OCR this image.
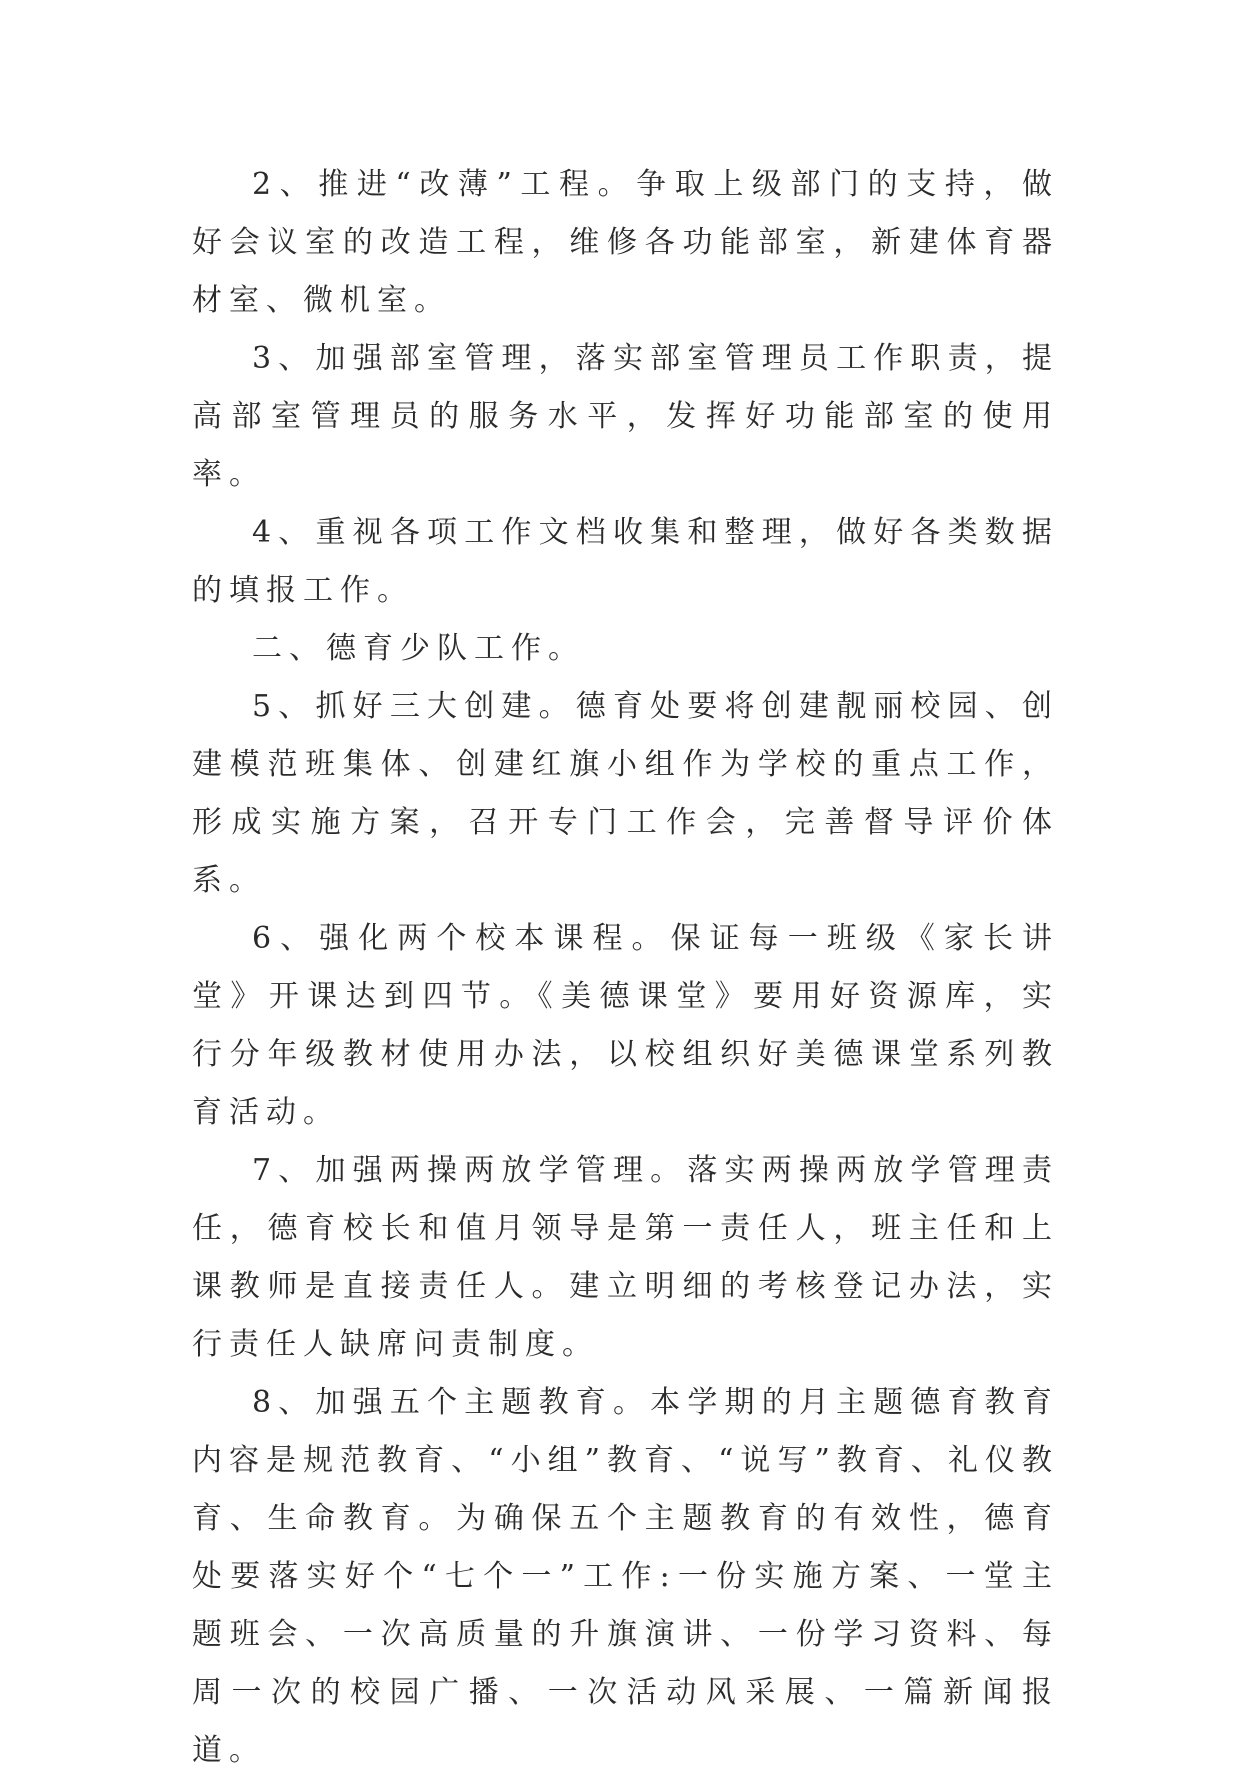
2、推进“改薄”工程。争取上级部门的支持，做好会议室的改造工程，维修各功能部室，新建体育器材室、微机室。

3、加强部室管理，落实部室管理员工作职责，提高部室管理员的服务水平，发挥好功能部室的使用率。

4、重视各项工作文档收集和整理，做好各类数据的填报工作。

二、德育少队工作。

5、抓好三大创建。德育处要将创建靓丽校园、创建模范班集体、创建红旗小组作为学校的重点工作，形成实施方案，召开专门工作会，完善督导评价体系。

6、强化两个校本课程。保证每一班级《家长讲堂》开课达到四节。《美德课堂》要用好资源库，实行分年级教材使用办法，以校组织好美德课堂系列教育活动。

7、加强两操两放学管理。落实两操两放学管理责任，德育校长和值月领导是第一责任人，班主任和上课教师是直接责任人。建立明细的考核登记办法，实行责任人缺席问责制度。

8、加强五个主题教育。本学期的月主题德育教育内容是规范教育、“小组”教育、“说写”教育、礼仪教育、生命教育。为确保五个主题教育的有效性，德育处要落实好个“七个一”工作:一份实施方案、一堂主题班会、一次高质量的升旗演讲、一份学习资料、每周一次的校园广播、一次活动风采展、一篇新闻报道。
